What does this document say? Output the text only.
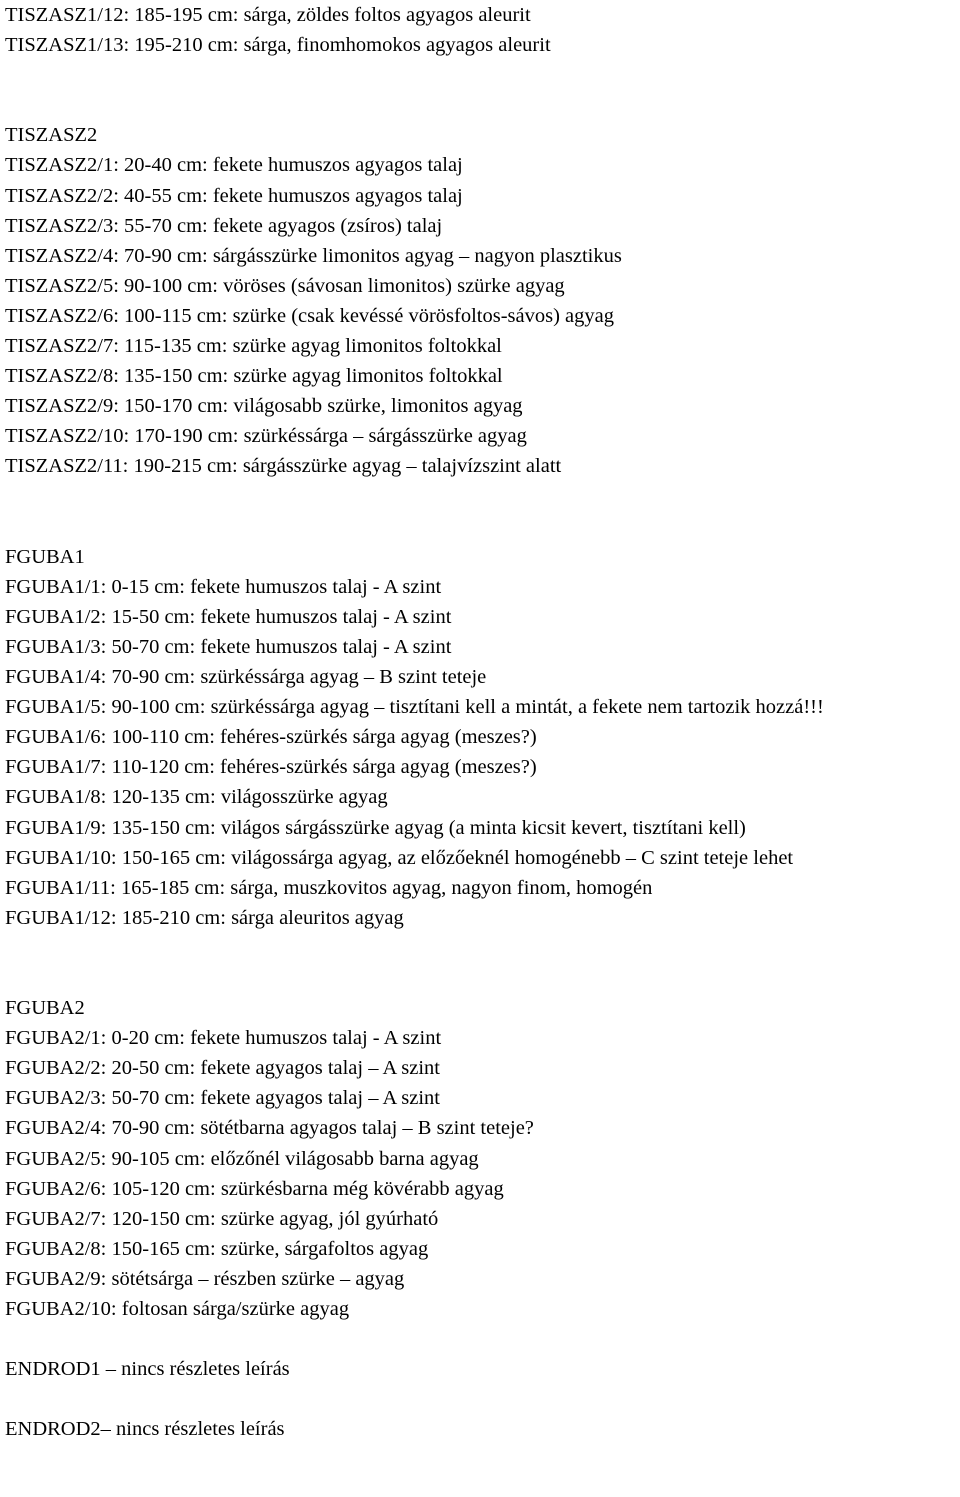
TISZASZ1/12: 185-195 cm: sárga, zöldes foltos agyagos aleurit

TISZASZ1/13: 195-210 cm: sárga, finomhomokos agyagos aleurit

TISZASZ2

TISZASZ2/1: 20-40 cm: fekete humuszos agyagos talaj

TISZASZ2/2: 40-55 cm: fekete humuszos agyagos talaj

TISZASZ2/3: 55-70 cm: fekete agyagos (zsíros) talaj

TISZASZ2/4: 70-90 cm: sárgásszürke limonitos agyag – nagyon plasztikus

TISZASZ2/5: 90-100 cm: vöröses (sávosan limonitos) szürke agyag

TISZASZ2/6: 100-115 cm: szürke (csak kevéssé vörösfoltos-sávos) agyag

TISZASZ2/7: 115-135 cm: szürke agyag limonitos foltokkal

TISZASZ2/8: 135-150 cm: szürke agyag limonitos foltokkal

TISZASZ2/9: 150-170 cm: világosabb szürke, limonitos agyag

TISZASZ2/10: 170-190 cm: szürkéssárga – sárgásszürke agyag

TISZASZ2/11: 190-215 cm: sárgásszürke agyag – talajvízszint alatt

FGUBA1

FGUBA1/1: 0-15 cm: fekete humuszos talaj - A szint

FGUBA1/2: 15-50 cm: fekete humuszos talaj - A szint

FGUBA1/3: 50-70 cm: fekete humuszos talaj - A szint

FGUBA1/4: 70-90 cm: szürkéssárga agyag – B szint teteje

FGUBA1/5: 90-100 cm: szürkéssárga agyag – tisztítani kell a mintát, a fekete nem tartozik hozzá!!!

FGUBA1/6: 100-110 cm: fehéres-szürkés sárga agyag (meszes?)

FGUBA1/7: 110-120 cm: fehéres-szürkés sárga agyag (meszes?)

FGUBA1/8: 120-135 cm: világosszürke agyag

FGUBA1/9: 135-150 cm: világos sárgásszürke agyag (a minta kicsit kevert, tisztítani kell)

FGUBA1/10: 150-165 cm: világossárga agyag, az előzőeknél homogénebb – C szint teteje lehet

FGUBA1/11: 165-185 cm: sárga, muszkovitos agyag, nagyon finom, homogén

FGUBA1/12: 185-210 cm: sárga aleuritos agyag

FGUBA2

FGUBA2/1: 0-20 cm: fekete humuszos talaj - A szint

FGUBA2/2: 20-50 cm: fekete agyagos talaj – A szint

FGUBA2/3: 50-70 cm: fekete agyagos talaj – A szint

FGUBA2/4: 70-90 cm: sötétbarna agyagos talaj – B szint teteje?

FGUBA2/5: 90-105 cm: előzőnél világosabb barna agyag

FGUBA2/6: 105-120 cm: szürkésbarna még kövérabb agyag

FGUBA2/7: 120-150 cm: szürke agyag, jól gyúrható

FGUBA2/8: 150-165 cm: szürke, sárgafoltos agyag

FGUBA2/9: sötétsárga – részben szürke – agyag

FGUBA2/10: foltosan sárga/szürke agyag

ENDROD1 – nincs részletes leírás

ENDROD2– nincs részletes leírás
